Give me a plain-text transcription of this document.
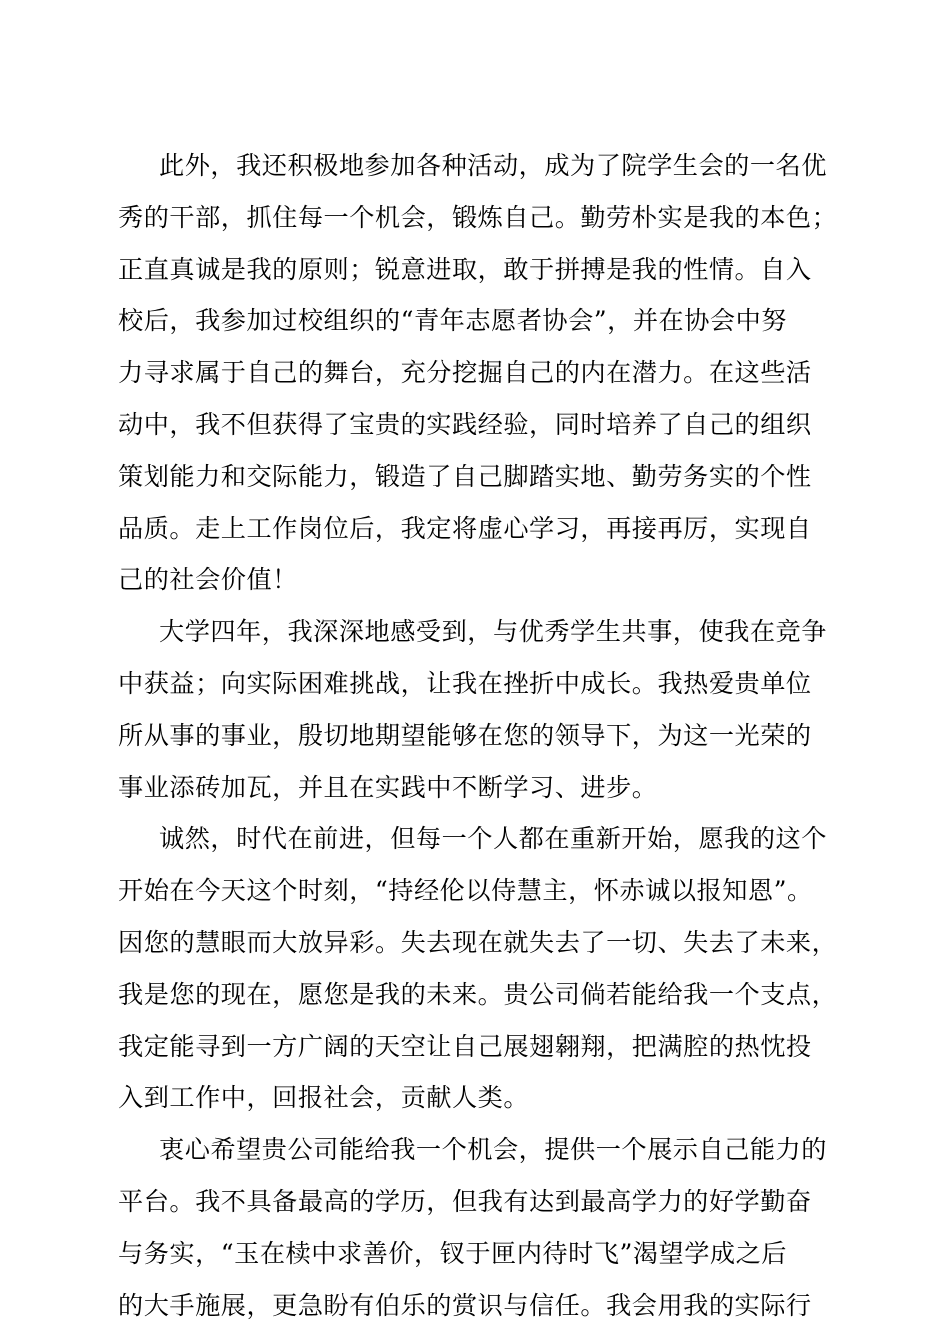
此外，我还积极地参加各种活动，成为了院学生会的一名优
秀的干部，抓住每一个机会，锻炼自己。勤劳朴实是我的本色；
正直真诚是我的原则；锐意进取，敢于拼搏是我的性情。自入
校后，我参加过校组织的“青年志愿者协会”，并在协会中努
力寻求属于自己的舞台，充分挖掘自己的内在潜力。在这些活
动中，我不但获得了宝贵的实践经验，同时培养了自己的组织
策划能力和交际能力，锻造了自己脚踏实地、勤劳务实的个性
品质。走上工作岗位后，我定将虚心学习，再接再厉，实现自
己的社会价值！
大学四年，我深深地感受到，与优秀学生共事，使我在竞争
中获益；向实际困难挑战，让我在挫折中成长。我热爱贵单位
所从事的事业，殷切地期望能够在您的领导下，为这一光荣的
事业添砖加瓦，并且在实践中不断学习、进步。
诚然，时代在前进，但每一个人都在重新开始，愿我的这个
开始在今天这个时刻，“持经伦以侍慧主，怀赤诚以报知恩”。
因您的慧眼而大放异彩。失去现在就失去了一切、失去了未来，
我是您的现在，愿您是我的未来。贵公司倘若能给我一个支点，
我定能寻到一方广阔的天空让自己展翅翱翔，把满腔的热忱投
入到工作中，回报社会，贡献人类。
衷心希望贵公司能给我一个机会，提供一个展示自己能力的
平台。我不具备最高的学历，但我有达到最高学力的好学勤奋
与务实，“玉在椟中求善价，钗于匣内待时飞”渴望学成之后
的大手施展，更急盼有伯乐的赏识与信任。我会用我的实际行
